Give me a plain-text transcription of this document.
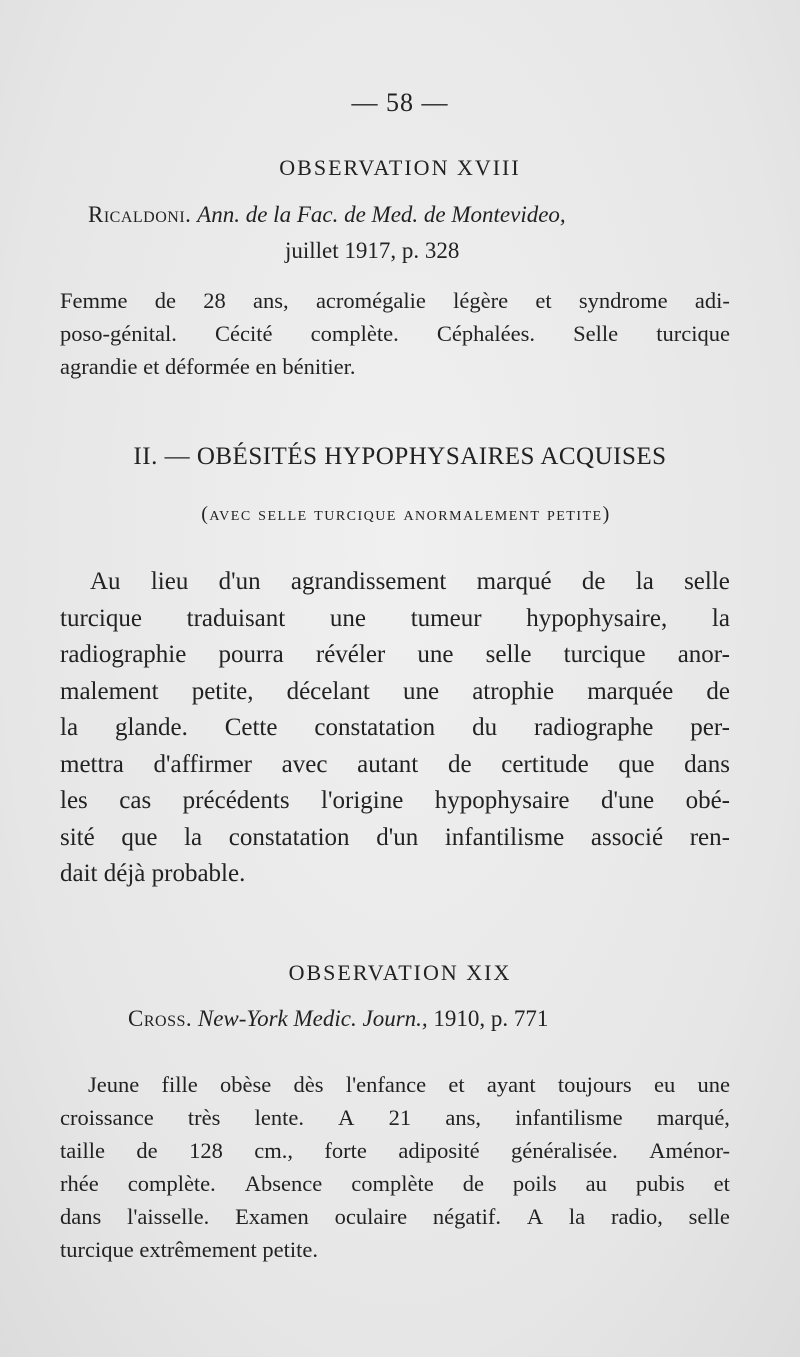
— 58 —
OBSERVATION XVIII
Ricaldoni. Ann. de la Fac. de Med. de Montevideo,
juillet 1917, p. 328
Femme de 28 ans, acromégalie légère et syndrome adi-
poso-génital. Cécité complète. Céphalées. Selle turcique
agrandie et déformée en bénitier.
II. — OBÉSITÉS HYPOPHYSAIRES ACQUISES
(avec selle turcique anormalement petite)
Au lieu d'un agrandissement marqué de la selle
turcique traduisant une tumeur hypophysaire, la
radiographie pourra révéler une selle turcique anor-
malement petite, décelant une atrophie marquée de
la glande. Cette constatation du radiographe per-
mettra d'affirmer avec autant de certitude que dans
les cas précédents l'origine hypophysaire d'une obé-
sité que la constatation d'un infantilisme associé ren-
dait déjà probable.
OBSERVATION XIX
Cross. New-York Medic. Journ., 1910, p. 771
Jeune fille obèse dès l'enfance et ayant toujours eu une
croissance très lente. A 21 ans, infantilisme marqué,
taille de 128 cm., forte adiposité généralisée. Aménor-
rhée complète. Absence complète de poils au pubis et
dans l'aisselle. Examen oculaire négatif. A la radio, selle
turcique extrêmement petite.
